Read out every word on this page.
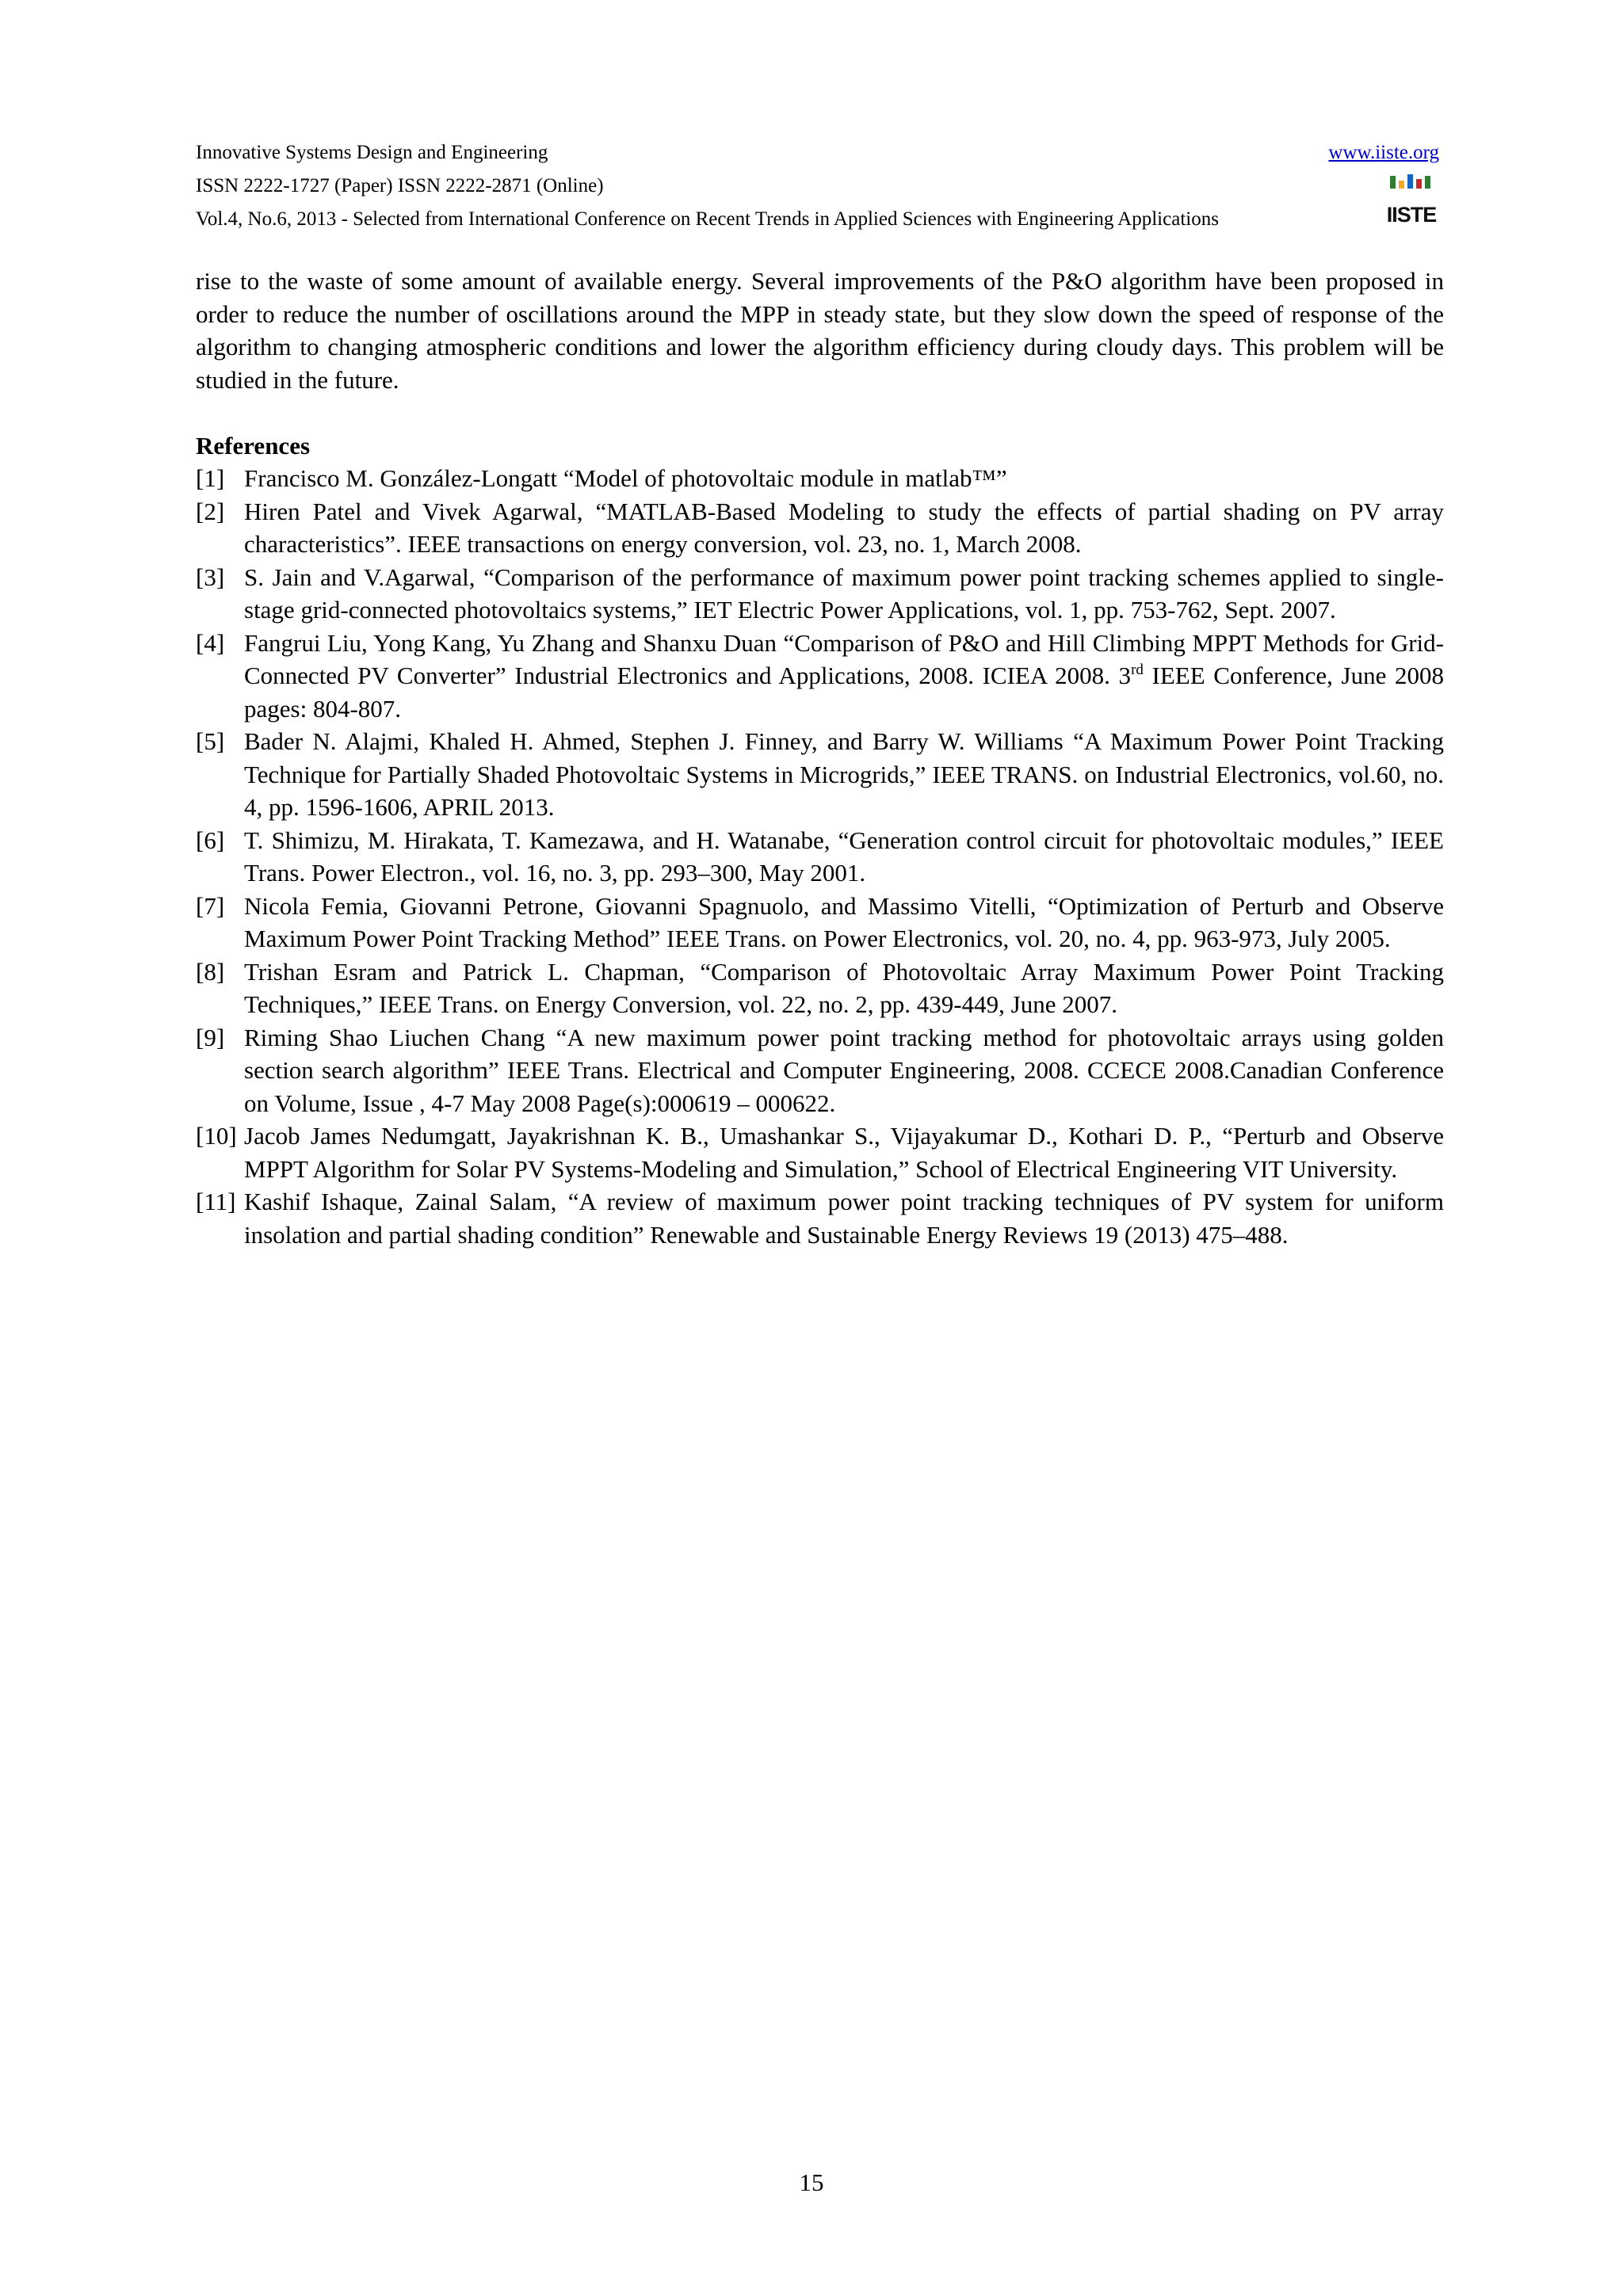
Innovative Systems Design and Engineering
ISSN 2222-1727 (Paper) ISSN 2222-2871 (Online)
Vol.4, No.6, 2013 - Selected from International Conference on Recent Trends in Applied Sciences with Engineering Applications
www.iiste.org
IISTE

rise to the waste of some amount of available energy. Several improvements of the P&O algorithm have been proposed in order to reduce the number of oscillations around the MPP in steady state, but they slow down the speed of response of the algorithm to changing atmospheric conditions and lower the algorithm efficiency during cloudy days. This problem will be studied in the future.

References
[1] Francisco M. González-Longatt “Model of photovoltaic module in matlab™”
[2] Hiren Patel and Vivek Agarwal, “MATLAB-Based Modeling to study the effects of partial shading on PV array characteristics”. IEEE transactions on energy conversion, vol. 23, no. 1, March 2008.
[3] S. Jain and V.Agarwal, “Comparison of the performance of maximum power point tracking schemes applied to single-stage grid-connected photovoltaics systems,” IET Electric Power Applications, vol. 1, pp. 753-762, Sept. 2007.
[4] Fangrui Liu, Yong Kang, Yu Zhang and Shanxu Duan “Comparison of P&O and Hill Climbing MPPT Methods for Grid-Connected PV Converter” Industrial Electronics and Applications, 2008. ICIEA 2008. 3rd IEEE Conference, June 2008 pages: 804-807.
[5] Bader N. Alajmi, Khaled H. Ahmed, Stephen J. Finney, and Barry W. Williams “A Maximum Power Point Tracking Technique for Partially Shaded Photovoltaic Systems in Microgrids,” IEEE TRANS. on Industrial Electronics, vol.60, no. 4, pp. 1596-1606, APRIL 2013.
[6] T. Shimizu, M. Hirakata, T. Kamezawa, and H. Watanabe, “Generation control circuit for photovoltaic modules,” IEEE Trans. Power Electron., vol. 16, no. 3, pp. 293–300, May 2001.
[7] Nicola Femia, Giovanni Petrone, Giovanni Spagnuolo, and Massimo Vitelli, “Optimization of Perturb and Observe Maximum Power Point Tracking Method” IEEE Trans. on Power Electronics, vol. 20, no. 4, pp. 963-973, July 2005.
[8] Trishan Esram and Patrick L. Chapman, “Comparison of Photovoltaic Array Maximum Power Point Tracking Techniques,” IEEE Trans. on Energy Conversion, vol. 22, no. 2, pp. 439-449, June 2007.
[9] Riming Shao Liuchen Chang “A new maximum power point tracking method for photovoltaic arrays using golden section search algorithm” IEEE Trans. Electrical and Computer Engineering, 2008. CCECE 2008.Canadian Conference on Volume, Issue , 4-7 May 2008 Page(s):000619 – 000622.
[10] Jacob James Nedumgatt, Jayakrishnan K. B., Umashankar S., Vijayakumar D., Kothari D. P., “Perturb and Observe MPPT Algorithm for Solar PV Systems-Modeling and Simulation,” School of Electrical Engineering VIT University.
[11] Kashif Ishaque, Zainal Salam, “A review of maximum power point tracking techniques of PV system for uniform insolation and partial shading condition” Renewable and Sustainable Energy Reviews 19 (2013) 475–488.
15
